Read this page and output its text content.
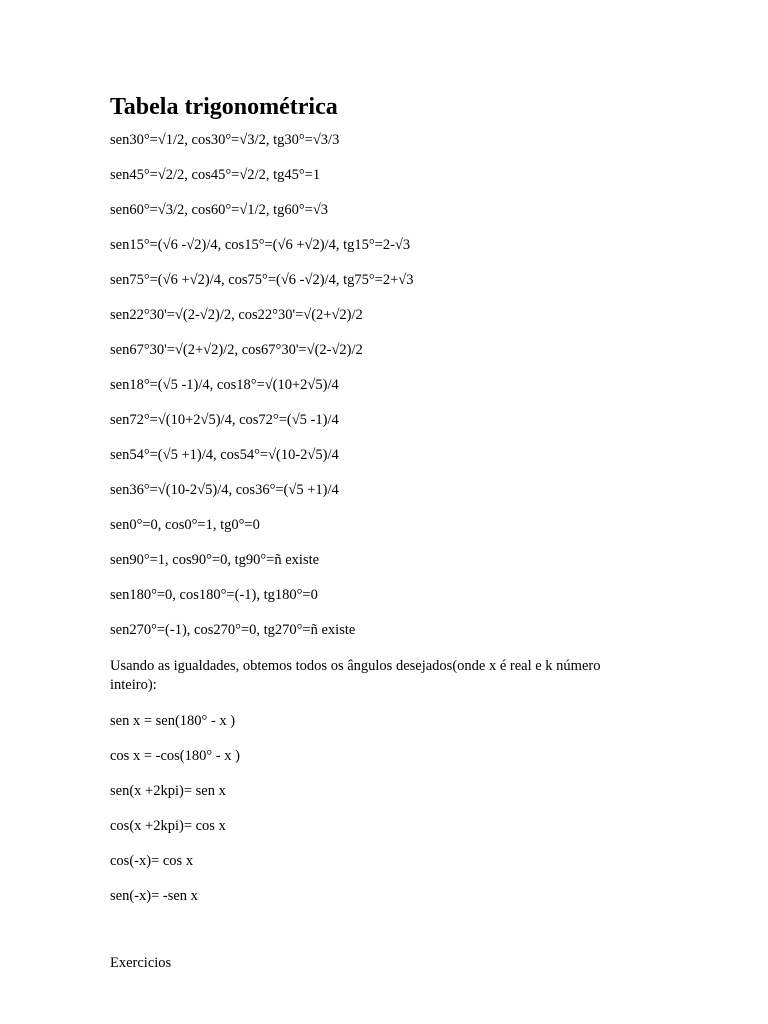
Tabela trigonométrica

sen30°=√1/2, cos30°=√3/2, tg30°=√3/3

sen45°=√2/2, cos45°=√2/2, tg45°=1

sen60°=√3/2, cos60°=√1/2, tg60°=√3

sen15°=(√6 -√2)/4, cos15°=(√6 +√2)/4, tg15°=2-√3

sen75°=(√6 +√2)/4, cos75°=(√6 -√2)/4, tg75°=2+√3

sen22°30'=√(2-√2)/2, cos22°30'=√(2+√2)/2

sen67°30'=√(2+√2)/2, cos67°30'=√(2-√2)/2

sen18°=(√5 -1)/4, cos18°=√(10+2√5)/4

sen72°=√(10+2√5)/4, cos72°=(√5 -1)/4

sen54°=(√5 +1)/4, cos54°=√(10-2√5)/4

sen36°=√(10-2√5)/4, cos36°=(√5 +1)/4

sen0°=0, cos0°=1, tg0°=0

sen90°=1, cos90°=0, tg90°=ñ existe

sen180°=0, cos180°=(-1), tg180°=0

sen270°=(-1), cos270°=0, tg270°=ñ existe

Usando as igualdades, obtemos todos os ângulos desejados(onde x é real e k número inteiro):

sen x = sen(180° - x )

cos x = -cos(180° - x )

sen(x +2kpi)= sen x

cos(x +2kpi)= cos x

cos(-x)= cos x

sen(-x)= -sen x

Exercicios
